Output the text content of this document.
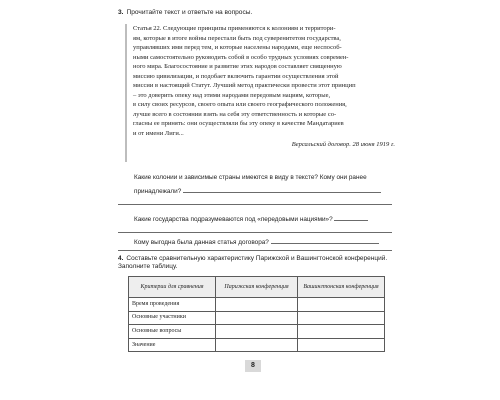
3. Прочитайте текст и ответьте на вопросы.
Статья 22. Следующие принципы применяются к колониям и территори-
ям, которые в итоге войны перестали быть под суверенитетом государства,
управлявших ими перед тем, и которые населены народами, еще неспособ-
ными самостоятельно руководить собой в особо трудных условиях современ-
ного мира. Благосостояние и развитие этих народов составляет священную
миссию цивилизации, и подобает включить гарантии осуществления этой
миссии в настоящий Статут. Лучший метод практически провести этот принцип
– это доверить опеку над этими народами передовым нациям, которые,
в силу своих ресурсов, своего опыта или своего географического положения,
лучше всего в состоянии взять на себя эту ответственность и которые со-
гласны ее принять: они осуществляли бы эту опеку в качестве Мандатариев
и от имени Лиги...
Версальский договор. 28 июня 1919 г.
Какие колонии и зависимые страны имеются в виду в тексте? Кому они ранее
принадлежали?
Какие государства подразумеваются под «передовыми нациями»?
Кому выгодна была данная статья договора?
4. Составьте сравнительную характеристику Парижской и Вашингтонской конференций.
Заполните таблицу.
Критерии для сравнения	Парижская конференция	Вашингтонская конференция
Время проведения		
Основные участники		
Основные вопросы		
Значение		
8
